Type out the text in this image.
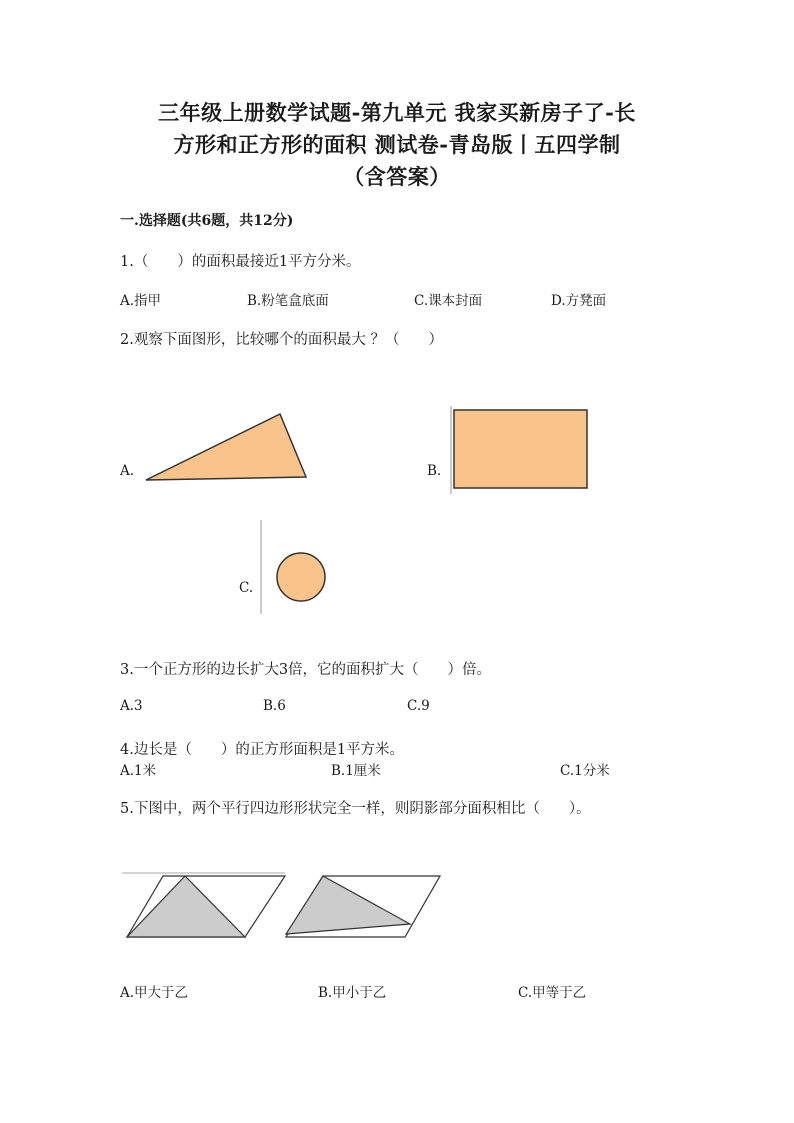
三年级上册数学试题-第九单元 我家买新房子了-长
方形和正方形的面积 测试卷-青岛版丨五四学制
（含答案）
一.选择题(共6题，共12分)
1.（　　）的面积最接近1平方分米。
A.指甲	B.粉笔盒底面	C.课本封面	D.方凳面
2.观察下面图形，比较哪个的面积最大 ？（　　）
A.	B.
C.
3.一个正方形的边长扩大3倍，它的面积扩大（　　）倍。
A.3	B.6	C.9
4.边长是（　　）的正方形面积是1平方米。
A.1米	B.1厘米	C.1分米
5.下图中，两个平行四边形形状完全一样，则阴影部分面积相比（　　）。
A.甲大于乙	B.甲小于乙	C.甲等于乙
